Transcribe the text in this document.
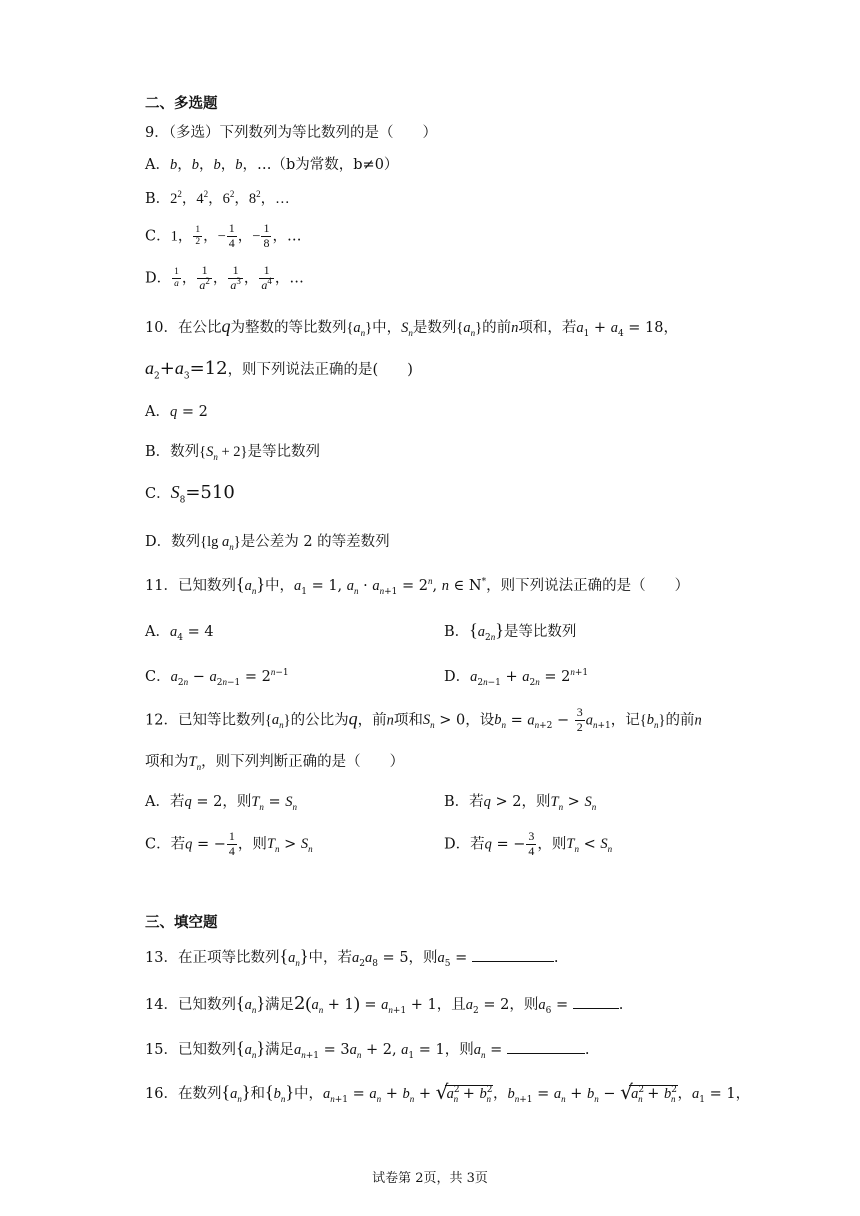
二、多选题
9．（多选）下列数列为等比数列的是（　　）
A．b，b，b，b，…（b为常数，b≠0）
B．$2^2$，$4^2$，$6^2$，$8^2$，…
C．1， $\frac{1}{2}$ ，− $\frac{1}{4}$ ，− $\frac{1}{8}$ ，…
D． $\frac{1}{a}$ ， $\frac{1}{a^2}$ ， $\frac{1}{a^3}$ ， $\frac{1}{a^4}$ ，…
10．在公比q为整数的等比数列$\{a_n\}$中，$S_n$是数列$\{a_n\}$的前n项和，若$a_1 + a_4 = 18$，
$a_2+a_3=12$，则下列说法正确的是(　　)
A．q = 2
B．数列$\{S_n + 2\}$是等比数列
C．$S_8=510$
D．数列{lg $a_n$}是公差为 2 的等差数列
11．已知数列$\{a_n\}$中，$a_1 = 1$, $a_n \cdot a_{n+1} = 2^n$, n ∈ N*，则下列说法正确的是（　　）
A．$a_4 = 4$	B．$\{a_{2n}\}$是等比数列
C．$a_{2n} - a_{2n-1} = 2^{n-1}$	D．$a_{2n-1} + a_{2n} = 2^{n+1}$
12．已知等比数列$\{a_n\}$的公比为q，前n项和$S_n > 0$，设$b_n = a_{n+2} - \frac{3}{2} a_{n+1}$，记$\{b_n\}$的前n
项和为$T_n$，则下列判断正确的是（　　）
A．若q = 2，则$T_n = S_n$	B．若q > 2，则$T_n > S_n$
C．若q = − $\frac{1}{4}$ ，则$T_n > S_n$	D．若q = − $\frac{3}{4}$ ，则$T_n < S_n$
三、填空题
13．在正项等比数列$\{a_n\}$中，若$a_2a_8 = 5$，则$a_5$ =	.
14．已知数列$\{a_n\}$满足$2(a_n + 1) = a_{n+1} + 1$，且$a_2 = 2$，则$a_6$ =	.
15．已知数列$\{a_n\}$满足$a_{n+1} = 3a_n + 2$, $a_1 = 1$，则$a_n$ =	.
16．在数列$\{a_n\}$和$\{b_n\}$中，$a_{n+1} = a_n + b_n$ + √
$a^2_n + b^2_n$ ，$b_{n+1} = a_n + b_n$ − √
$a^2_n + b^2_n$ ，$a_1 = 1$，
试卷第 2页，共 3页
